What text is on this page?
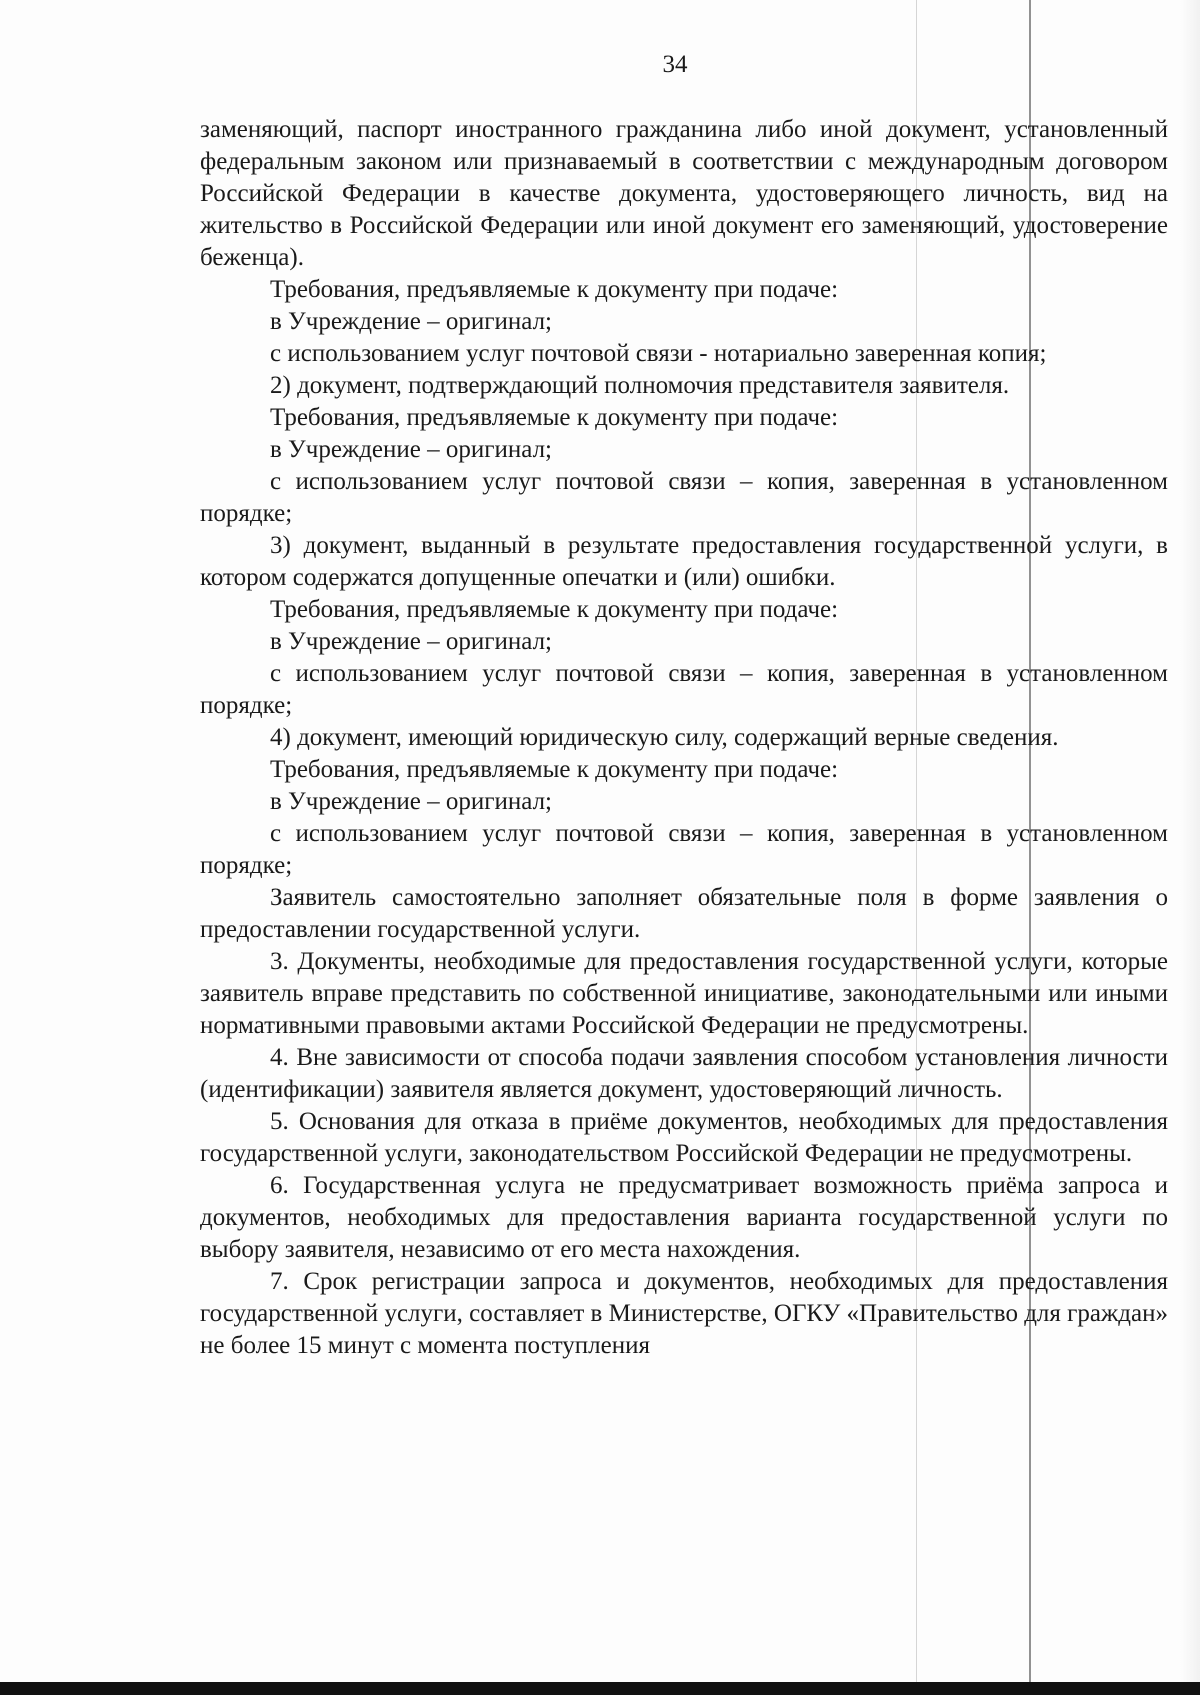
34

заменяющий, паспорт иностранного гражданина либо иной документ, установленный федеральным законом или признаваемый в соответствии с международным договором Российской Федерации в качестве документа, удостоверяющего личность, вид на жительство в Российской Федерации или иной документ его заменяющий, удостоверение беженца).

Требования, предъявляемые к документу при подаче:

в Учреждение – оригинал;

с использованием услуг почтовой связи - нотариально заверенная копия;

2) документ, подтверждающий полномочия представителя заявителя.

Требования, предъявляемые к документу при подаче:

в Учреждение – оригинал;

с использованием услуг почтовой связи – копия, заверенная в установленном порядке;

3) документ, выданный в результате предоставления государственной услуги, в котором содержатся допущенные опечатки и (или) ошибки.

Требования, предъявляемые к документу при подаче:

в Учреждение – оригинал;

с использованием услуг почтовой связи – копия, заверенная в установленном порядке;

4) документ, имеющий юридическую силу, содержащий верные сведения.

Требования, предъявляемые к документу при подаче:

в Учреждение – оригинал;

с использованием услуг почтовой связи – копия, заверенная в установленном порядке;

Заявитель самостоятельно заполняет обязательные поля в форме заявления о предоставлении государственной услуги.

3. Документы, необходимые для предоставления государственной услуги, которые заявитель вправе представить по собственной инициативе, законодательными или иными нормативными правовыми актами Российской Федерации не предусмотрены.

4. Вне зависимости от способа подачи заявления способом установления личности (идентификации) заявителя является документ, удостоверяющий личность.

5. Основания для отказа в приёме документов, необходимых для предоставления государственной услуги, законодательством Российской Федерации не предусмотрены.

6. Государственная услуга не предусматривает возможность приёма запроса и документов, необходимых для предоставления варианта государственной услуги по выбору заявителя, независимо от его места нахождения.

7. Срок регистрации запроса и документов, необходимых для предоставления государственной услуги, составляет в Министерстве, ОГКУ «Правительство для граждан» не более 15 минут с момента поступления
